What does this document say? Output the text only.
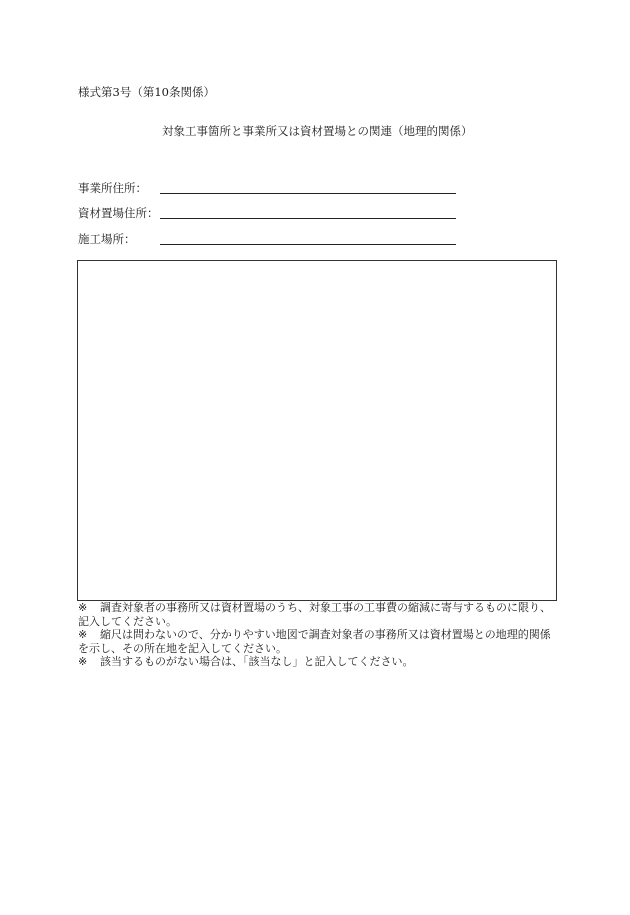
様式第3号（第10条関係）
対象工事箇所と事業所又は資材置場との関連（地理的関係）
事業所住所：
資材置場住所：
施工場所：

※ 調査対象者の事務所又は資材置場のうち、対象工事の工事費の縮減に寄与するものに限り、記入してください。

※ 縮尺は問わないので、分かりやすい地図で調査対象者の事務所又は資材置場との地理的関係を示し、その所在地を記入してください。

※ 該当するものがない場合は、「該当なし」と記入してください。
